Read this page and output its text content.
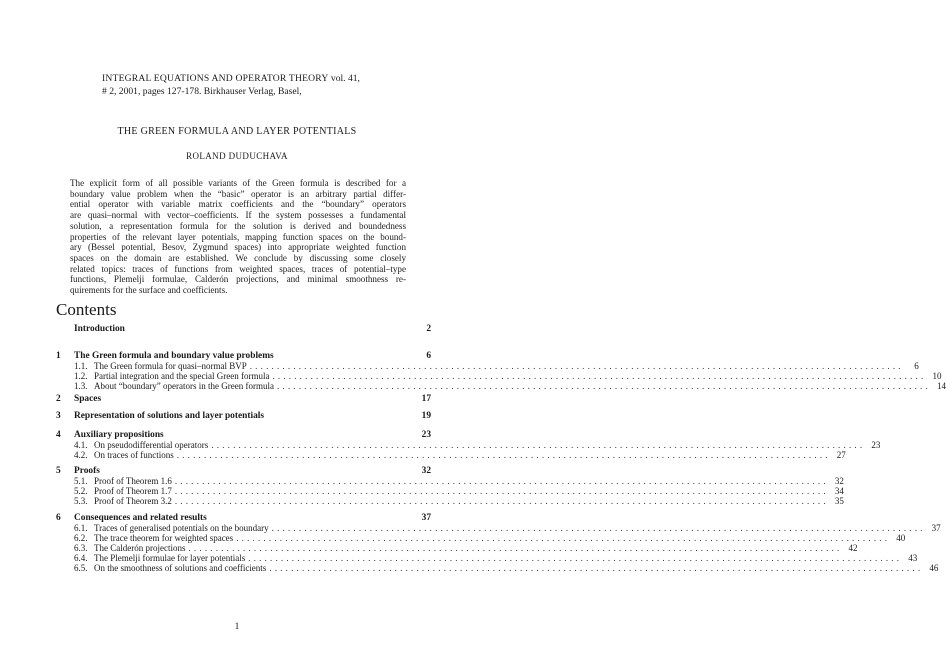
INTEGRAL EQUATIONS AND OPERATOR THEORY vol. 41,
# 2, 2001, pages 127-178. Birkhauser Verlag, Basel,
THE GREEN FORMULA AND LAYER POTENTIALS
ROLAND DUDUCHAVA
The explicit form of all possible variants of the Green formula is described for a
boundary value problem when the “basic” operator is an arbitrary partial differ-
ential operator with variable matrix coefficients and the “boundary” operators
are quasi–normal with vector–coefficients. If the system possesses a fundamental
solution, a representation formula for the solution is derived and boundedness
properties of the relevant layer potentials, mapping function spaces on the bound-
ary (Bessel potential, Besov, Zygmund spaces) into appropriate weighted function
spaces on the domain are established. We conclude by discussing some closely
related topics: traces of functions from weighted spaces, traces of potential–type
functions, Plemelji formulae, Calderón projections, and minimal smoothness re-
quirements for the surface and coefficients.
Contents
Introduction	2
1	The Green formula and boundary value problems	6
1.1. The Green formula for quasi–normal BVP ........................................................................................................................	6
1.2. Partial integration and the special Green formula ........................................................................................................................ 10
1.3. About “boundary” operators in the Green formula ........................................................................................................................ 14
2	Spaces	17
3	Representation of solutions and layer potentials	19
4	Auxiliary propositions	23
4.1. On pseudodifferential operators ........................................................................................................................ 23
4.2. On traces of functions ........................................................................................................................ 27
5	Proofs	32
5.1. Proof of Theorem 1.6 ........................................................................................................................ 32
5.2. Proof of Theorem 1.7 ........................................................................................................................ 34
5.3. Proof of Theorem 3.2 ........................................................................................................................ 35
6	Consequences and related results	37
6.1. Traces of generalised potentials on the boundary ........................................................................................................................ 37
6.2. The trace theorem for weighted spaces ........................................................................................................................ 40
6.3. The Calderón projections ........................................................................................................................ 42
6.4. The Plemelji formulae for layer potentials ........................................................................................................................ 43
6.5. On the smoothness of solutions and coefficients ........................................................................................................................ 46
1
